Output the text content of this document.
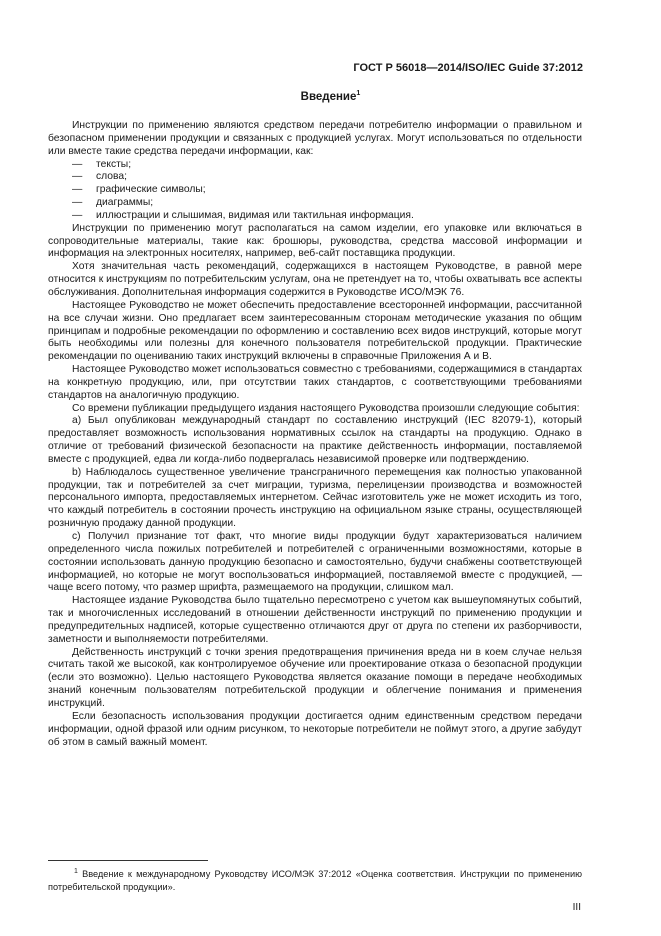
ГОСТ Р 56018—2014/ISO/IEC Guide 37:2012
Введение$^1$

Инструкции по применению являются средством передачи потребителю информации о правильном и безопасном применении продукции и связанных с продукцией услугах. Могут использоваться по отдельности или вместе такие средства передачи информации, как:

— тексты;
— слова;
— графические символы;
— диаграммы;
— иллюстрации и слышимая, видимая или тактильная информация.

Инструкции по применению могут располагаться на самом изделии, его упаковке или включаться в сопроводительные материалы, такие как: брошюры, руководства, средства массовой информации и информация на электронных носителях, например, веб-сайт поставщика продукции.

Хотя значительная часть рекомендаций, содержащихся в настоящем Руководстве, в равной мере относится к инструкциям по потребительским услугам, она не претендует на то, чтобы охватывать все аспекты обслуживания. Дополнительная информация содержится в Руководстве ИСО/МЭК 76.

Настоящее Руководство не может обеспечить предоставление всесторонней информации, рассчитанной на все случаи жизни. Оно предлагает всем заинтересованным сторонам методические указания по общим принципам и подробные рекомендации по оформлению и составлению всех видов инструкций, которые могут быть необходимы или полезны для конечного пользователя потребительской продукции. Практические рекомендации по оцениванию таких инструкций включены в справочные Приложения А и В.

Настоящее Руководство может использоваться совместно с требованиями, содержащимися в стандартах на конкретную продукцию, или, при отсутствии таких стандартов, с соответствующими требованиями стандартов на аналогичную продукцию.

Со времени публикации предыдущего издания настоящего Руководства произошли следующие события:

а) Был опубликован международный стандарт по составлению инструкций (IEC 82079-1), который предоставляет возможность использования нормативных ссылок на стандарты на продукцию. Однако в отличие от требований физической безопасности на практике действенность информации, поставляемой вместе с продукцией, едва ли когда-либо подвергалась независимой проверке или подтверждению.

b) Наблюдалось существенное увеличение трансграничного перемещения как полностью упакованной продукции, так и потребителей за счет миграции, туризма, перелицензии производства и возможностей персонального импорта, предоставляемых интернетом. Сейчас изготовитель уже не может исходить из того, что каждый потребитель в состоянии прочесть инструкцию на официальном языке страны, осуществляющей розничную продажу данной продукции.

с) Получил признание тот факт, что многие виды продукции будут характеризоваться наличием определенного числа пожилых потребителей и потребителей с ограниченными возможностями, которые в состоянии использовать данную продукцию безопасно и самостоятельно, будучи снабжены соответствующей информацией, но которые не могут воспользоваться информацией, поставляемой вместе с продукцией, — чаще всего потому, что размер шрифта, размещаемого на продукции, слишком мал.

Настоящее издание Руководства было тщательно пересмотрено с учетом как вышеупомянутых событий, так и многочисленных исследований в отношении действенности инструкций по применению продукции и предупредительных надписей, которые существенно отличаются друг от друга по степени их разборчивости, заметности и выполняемости потребителями.

Действенность инструкций с точки зрения предотвращения причинения вреда ни в коем случае нельзя считать такой же высокой, как контролируемое обучение или проектирование отказа о безопасной продукции (если это возможно). Целью настоящего Руководства является оказание помощи в передаче необходимых знаний конечным пользователям потребительской продукции и облегчение понимания и применения инструкций.

Если безопасность использования продукции достигается одним единственным средством передачи информации, одной фразой или одним рисунком, то некоторые потребители не поймут этого, а другие забудут об этом в самый важный момент.

1 Введение к международному Руководству ИСО/МЭК 37:2012 «Оценка соответствия. Инструкции по применению потребительской продукции».
III
